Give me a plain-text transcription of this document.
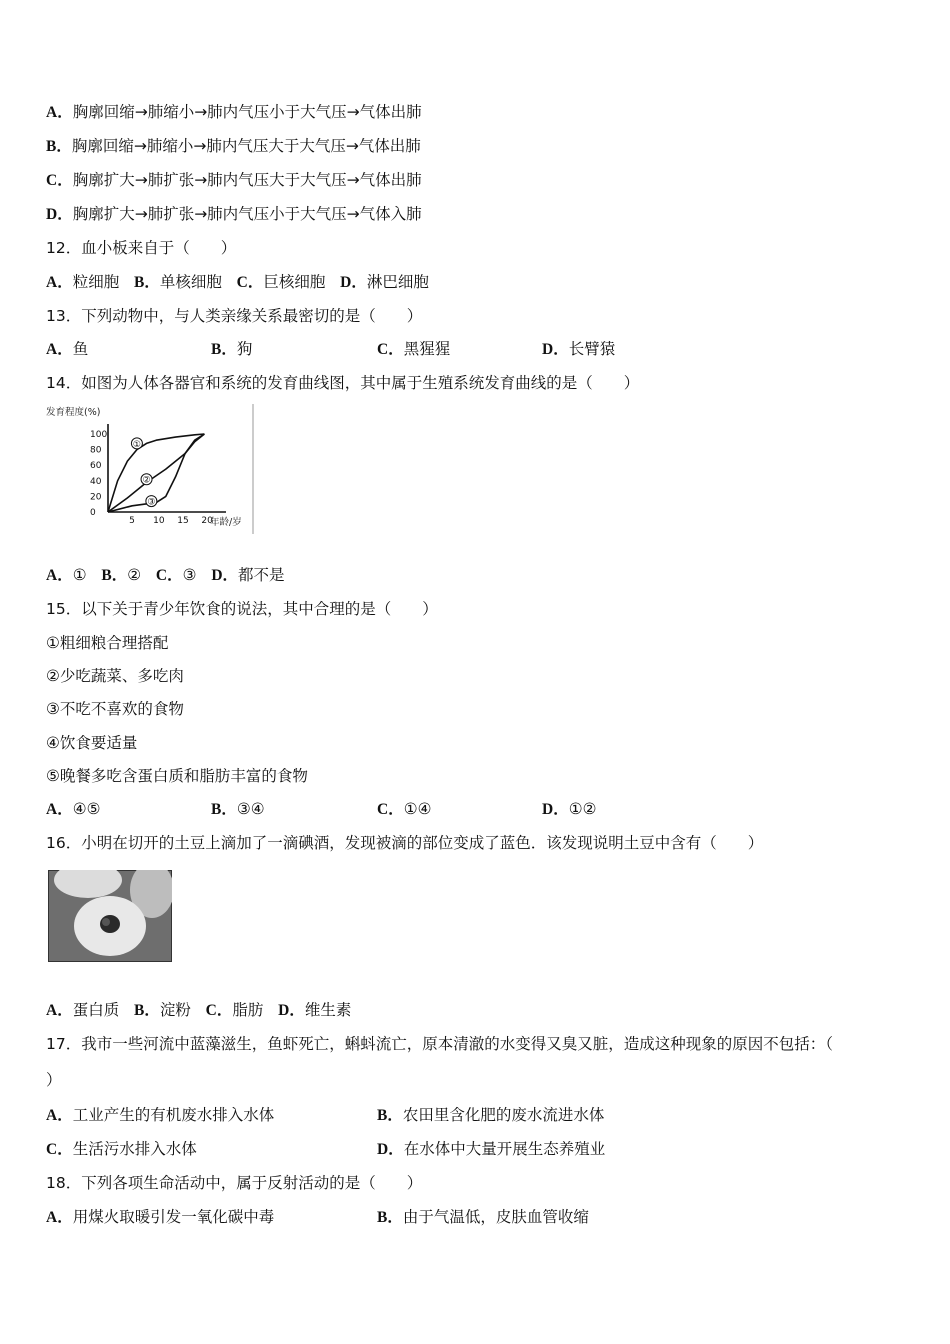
A．胸廓回缩→肺缩小→肺内气压小于大气压→气体出肺
B．胸廓回缩→肺缩小→肺内气压大于大气压→气体出肺
C．胸廓扩大→肺扩张→肺内气压大于大气压→气体出肺
D．胸廓扩大→肺扩张→肺内气压小于大气压→气体入肺
12．血小板来自于（　　）
A．粒细胞 B．单核细胞 C．巨核细胞 D．淋巴细胞
13．下列动物中，与人类亲缘关系最密切的是（　　）
A．鱼	B．狗	C．黑猩猩	D．长臂猿
14．如图为人体各器官和系统的发育曲线图，其中属于生殖系统发育曲线的是（　　）
发育程度(%)
年龄/岁
100
80
60
40
20
0
5 10 15 20
①
②
③
A．① B．② C．③ D．都不是
15．以下关于青少年饮食的说法，其中合理的是（　　）
①粗细粮合理搭配
②少吃蔬菜、多吃肉
③不吃不喜欢的食物
④饮食要适量
⑤晚餐多吃含蛋白质和脂肪丰富的食物
A．④⑤	B．③④	C．①④	D．①②
16．小明在切开的土豆上滴加了一滴碘酒，发现被滴的部位变成了蓝色．该发现说明土豆中含有（　　）
A．蛋白质 B．淀粉 C．脂肪 D．维生素
17．我市一些河流中蓝藻滋生，鱼虾死亡，蝌蚪流亡，原本清澈的水变得又臭又脏，造成这种现象的原因不包括：（
）
A．工业产生的有机废水排入水体	B．农田里含化肥的废水流进水体
C．生活污水排入水体	D．在水体中大量开展生态养殖业
18．下列各项生命活动中，属于反射活动的是（　　）
A．用煤火取暖引发一氧化碳中毒	B．由于气温低，皮肤血管收缩
